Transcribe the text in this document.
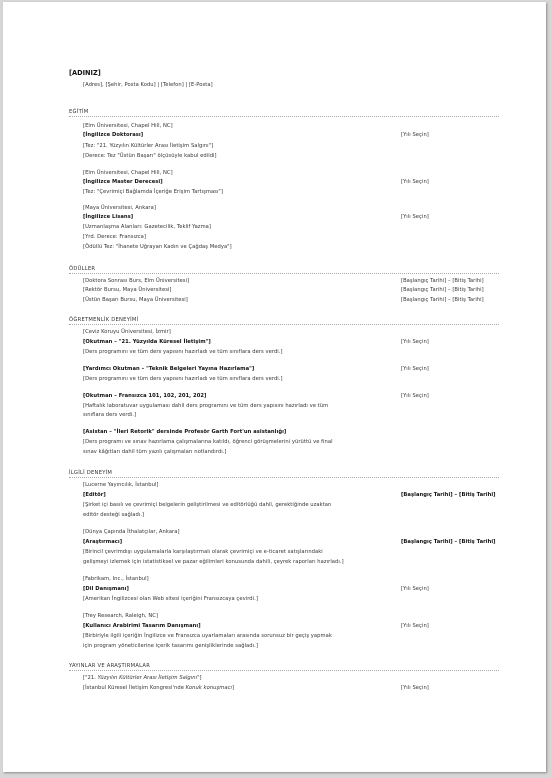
[ADINIZ]
[Adres], [Şehir, Posta Kodu] | [Telefon] | [E-Posta]
EĞİTİM
[Elm Üniversitesi, Chapel Hill, NC]
[İngilizce Doktorası]	[Yılı Seçin]
[Tez: "21. Yüzyılın Kültürler Arası İletişim Salgını"]
[Derece: Tez "Üstün Başarı" ölçüsüyle kabul edildi]
[Elm Üniversitesi, Chapel Hill, NC]
[İngilizce Master Derecesi]	[Yılı Seçin]
[Tez: "Çevrimiçi Bağlamda İçeriğe Erişim Tartışması"]
[Maya Üniversitesi, Ankara]
[İngilizce Lisans]	[Yılı Seçin]
[Uzmanlaşma Alanları: Gazetecilik, Teklif Yazma]
[Yrd. Derece: Fransızca]
[Ödüllü Tez: "İhanete Uğrayan Kadın ve Çağdaş Medya"]
ÖDÜLLER
[Doktora Sonrası Burs, Elm Üniversitesi]	[Başlangıç Tarihi] – [Bitiş Tarihi]
[Rektör Bursu, Maya Üniversitesi]	[Başlangıç Tarihi] – [Bitiş Tarihi]
[Üstün Başarı Bursu, Maya Üniversitesi]	[Başlangıç Tarihi] – [Bitiş Tarihi]
ÖĞRETMENLİK DENEYİMİ
[Ceviz Koruyu Üniversitesi, İzmir]
[Okutman – "21. Yüzyılda Küresel İletişim"]	[Yılı Seçin]
[Ders programını ve tüm ders yapısını hazırladı ve tüm sınıflara ders verdi.]
[Yardımcı Okutman – "Teknik Belgeleri Yayına Hazırlama"]	[Yılı Seçin]
[Ders programını ve tüm ders yapısını hazırladı ve tüm sınıflara ders verdi.]
[Okutman – Fransızca 101, 102, 201, 202]	[Yılı Seçin]
[Haftalık laboratuvar uygulaması dahil ders programını ve tüm ders yapısını hazırladı ve tüm
sınıflara ders verdi.]
[Asistan – "İleri Retorik" dersinde Profesör Garth Fort'un asistanlığı]
[Ders programı ve sınav hazırlama çalışmalarına katıldı, öğrenci görüşmelerini yürüttü ve final
sınav kâğıtları dahil tüm yazılı çalışmaları notlandırdı.]
İLGİLİ DENEYİM
[Lucerne Yayıncılık, İstanbul]
[Editör]	[Başlangıç Tarihi] – [Bitiş Tarihi]
[Şirket içi basılı ve çevrimiçi belgelerin geliştirilmesi ve editörlüğü dahil, gerektiğinde uzaktan
editör desteği sağladı.]
[Dünya Çapında İthalatçılar, Ankara]
[Araştırmacı]	[Başlangıç Tarihi] – [Bitiş Tarihi]
[Birincil çevrimdışı uygulamalarla karşılaştırmalı olarak çevrimiçi ve e-ticaret satışlarındaki
gelişmeyi izlemek için istatistiksel ve pazar eğilimleri konusunda dahili, çeyrek raporları hazırladı.]
[Fabrikam, Inc., İstanbul]
[Dil Danışmanı]	[Yılı Seçin]
[Amerikan İngilizcesi olan Web sitesi içeriğini Fransızcaya çevirdi.]
[Trey Research, Raleigh, NC]
[Kullanıcı Arabirimi Tasarım Danışmanı]	[Yılı Seçin]
[Birbiriyle ilgili içeriğin İngilizce ve Fransızca uyarlamaları arasında sorunsuz bir geçiş yapmak
için program yöneticilerine içerik tasarımı genişliklerinde sağladı.]
YAYINLAR VE ARAŞTIRMALAR
["21. Yüzyılın Kültürler Arası İletişim Salgını"]
[İstanbul Küresel İletişim Kongresi'nde Konuk konuşmacı]	[Yılı Seçin]
